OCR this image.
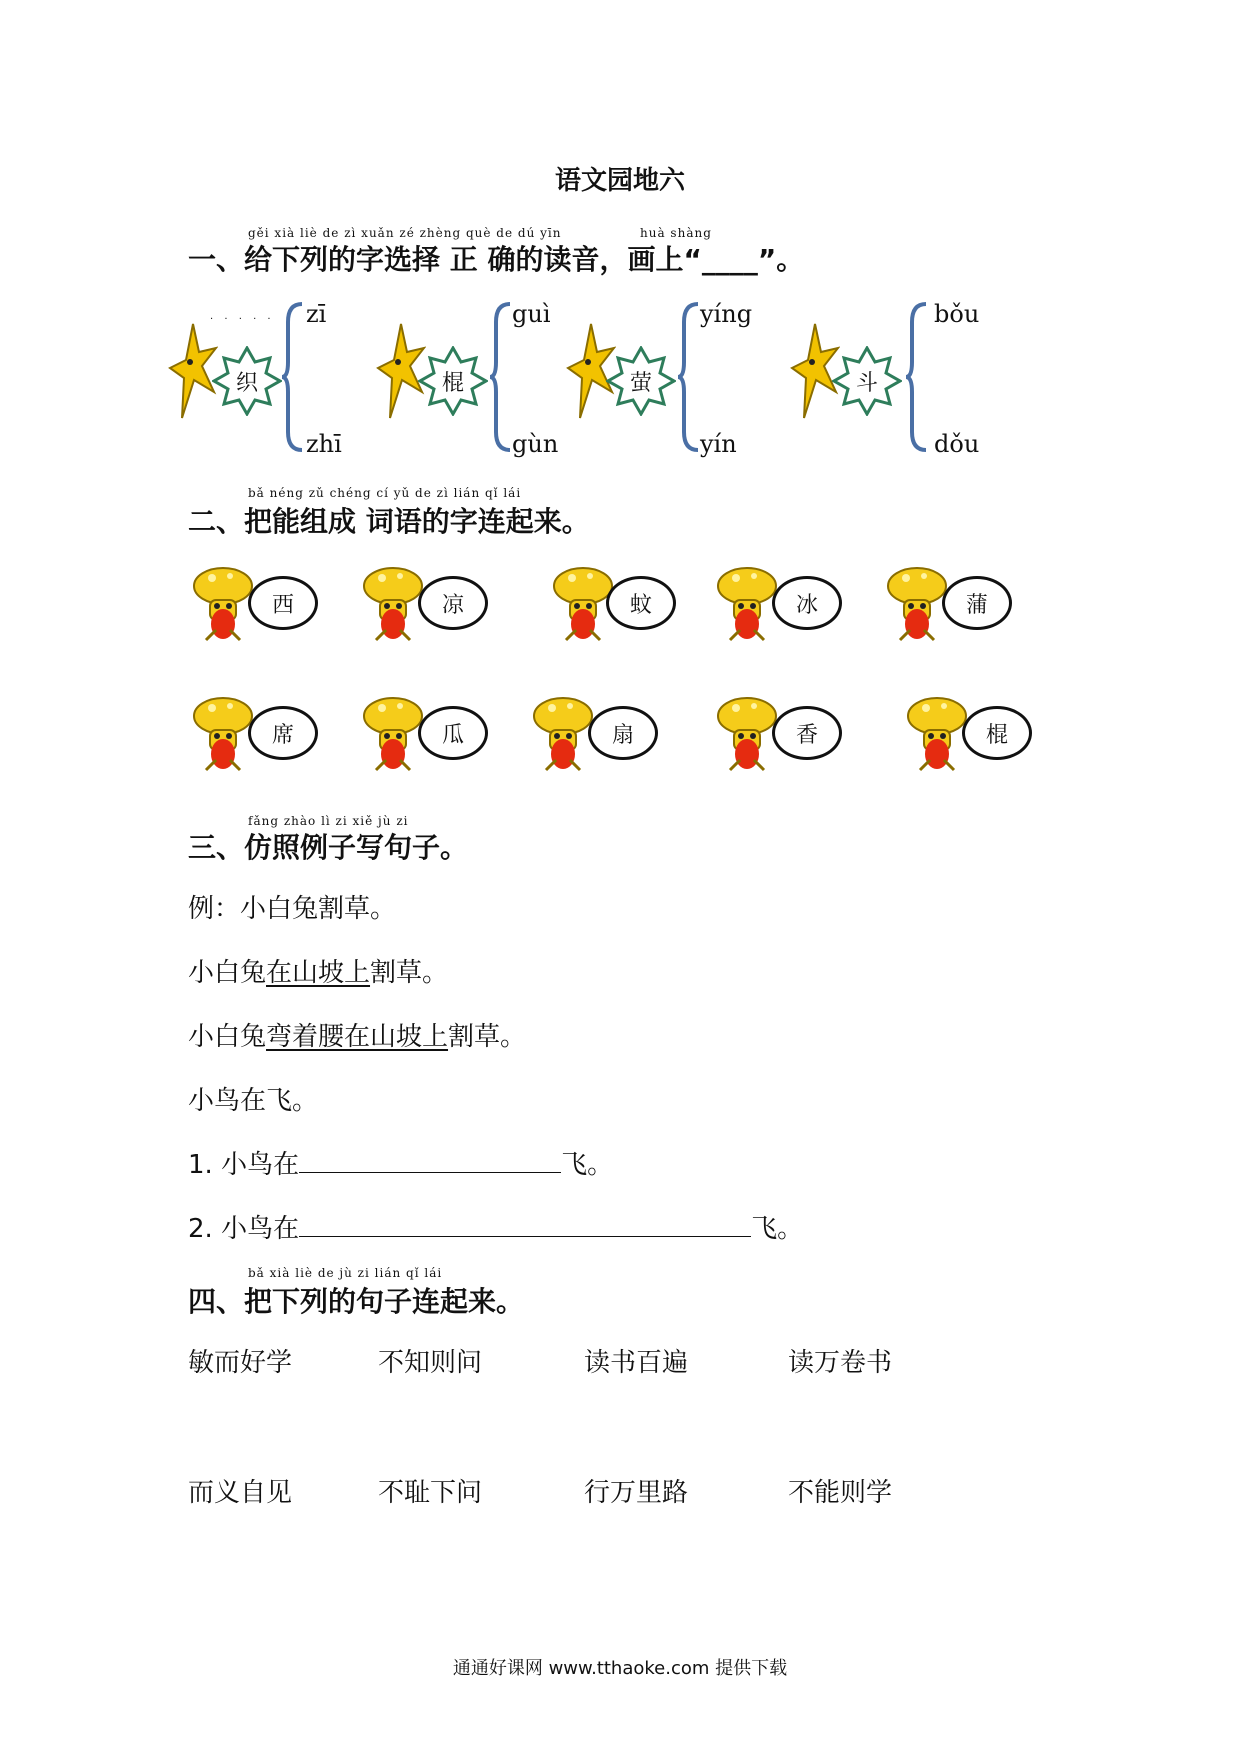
语文园地六
gěi xià liè de zì xuǎn zé zhèng què de dú yīn	huà shàng
一、给下列的字选择 正 确的读音，画上“____”。
· · · · ·
织
zī
zhī
棍
guì
gùn
萤
yíng
yín
斗
bǒu
dǒu
bǎ néng zǔ chéng cí yǔ de zì lián qǐ lái
二、把能组成 词语的字连起来。
西	凉	蚊	冰	蒲
席	瓜	扇	香	棍
fǎng zhào lì zi xiě jù zi
三、仿照例子写句子。
例：小白兔割草。
小白兔在山坡上割草。
小白兔弯着腰在山坡上割草。
小鸟在飞。
1. 小鸟在	飞。
2. 小鸟在	飞。
bǎ xià liè de jù zi lián qǐ lái
四、把下列的句子连起来。
敏而好学	不知则问	读书百遍	读万卷书
而义自见	不耻下问	行万里路	不能则学
通通好课网 www.tthaoke.com 提供下载
